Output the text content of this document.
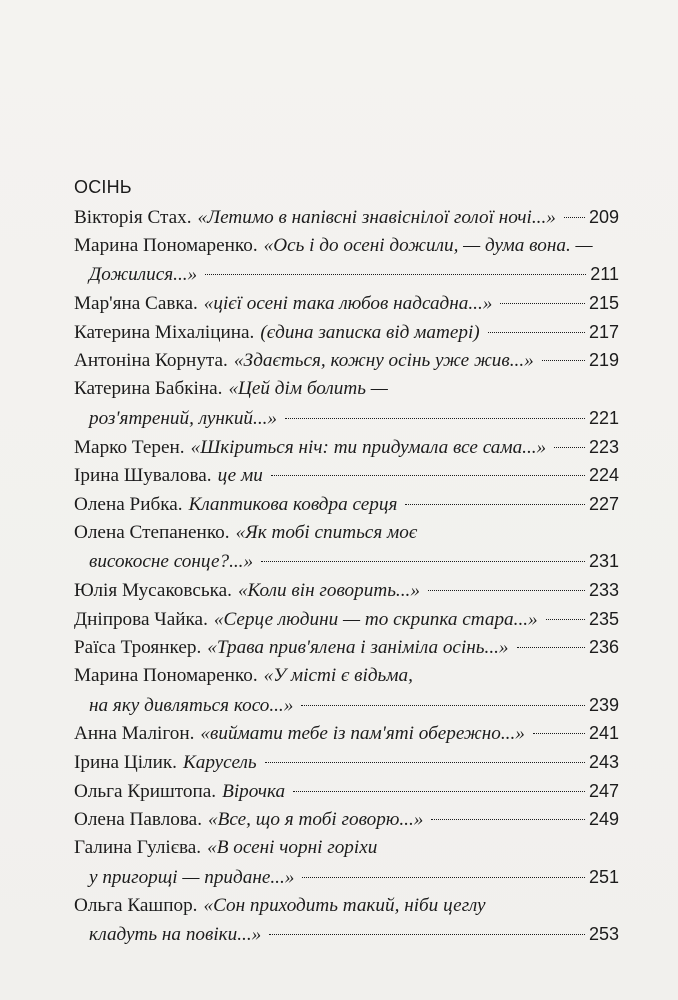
ОСІНЬ
Вікторія Стах. «Летимо в напівсні знавіснілої голої ночі...» 209
Марина Пономаренко. «Ось і до осені дожили, — дума вона. —
Дожилися...»	211
Мар'яна Савка. «цієї осені така любов надсадна...»	215
Катерина Міхаліцина. (єдина записка від матері)	217
Антоніна Корнута. «Здається, кожну осінь уже жив...»	219
Катерина Бабкіна. «Цей дім болить —
роз'ятрений, лункий...»	221
Марко Терен. «Шкіриться ніч: ти придумала все сама...» 223
Ірина Шувалова. це ми	224
Олена Рибка. Клаптикова ковдра серця	227
Олена Степаненко. «Як тобі спиться моє
високосне сонце?...»	231
Юлія Мусаковська. «Коли він говорить...»	233
Дніпрова Чайка. «Серце людини — то скрипка стара...»	235
Раїса Троянкер. «Трава прив'ялена і заніміла осінь...»	236
Марина Пономаренко. «У місті є відьма,
на яку дивляться косо...»	239
Анна Малігон. «виймати тебе із пам'яті обережно...»	241
Ірина Цілик. Карусель	243
Ольга Криштопа. Вірочка	247
Олена Павлова. «Все, що я тобі говорю...»	249
Галина Гулієва. «В осені чорні горіхи
у пригорщі — придане...»	251
Ольга Кашпор. «Сон приходить такий, ніби цеглу
кладуть на повіки...»	253
